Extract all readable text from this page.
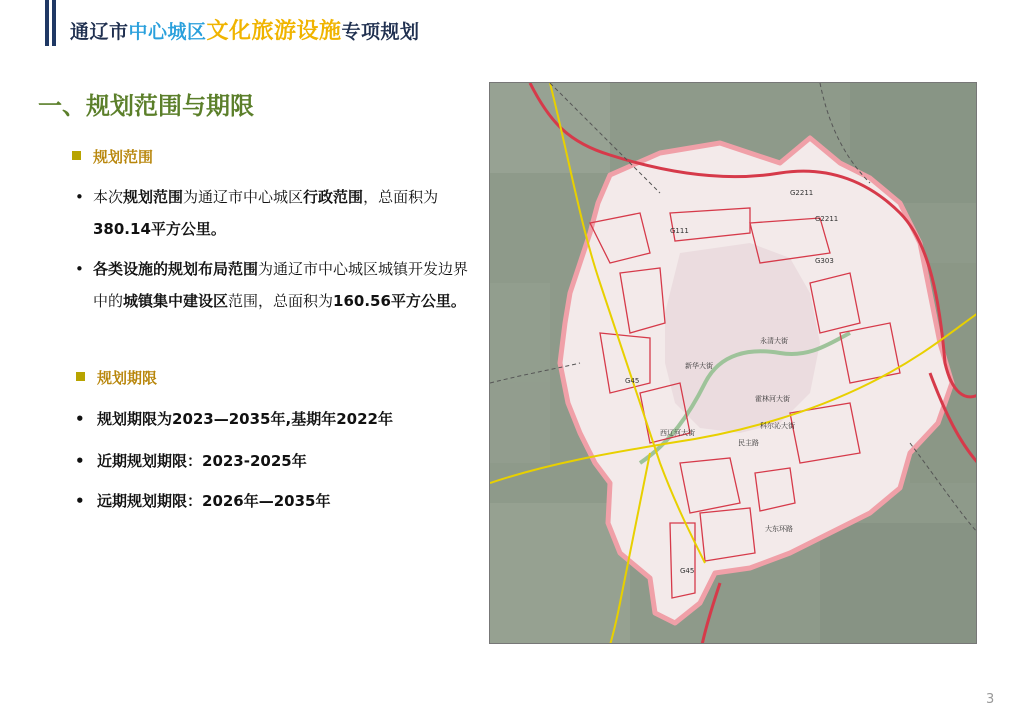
通辽市中心城区文化旅游设施专项规划
一、规划范围与期限
规划范围
• 本次规划范围为通辽市中心城区行政范围，总面积为380.14平方公里。
• 各类设施的规划布局范围为通辽市中心城区城镇开发边界中的城镇集中建设区范围，总面积为160.56平方公里。
规划期限
• 规划期限为2023—2035年,基期年2022年
• 近期规划期限：2023-2025年
• 远期规划期限：2026年—2035年
G2211
G2211
G111
G45
G45
G303
霍林河大街
科尔沁大街
大东环路
新华大街
西辽河大街
永清大街
民主路
3
